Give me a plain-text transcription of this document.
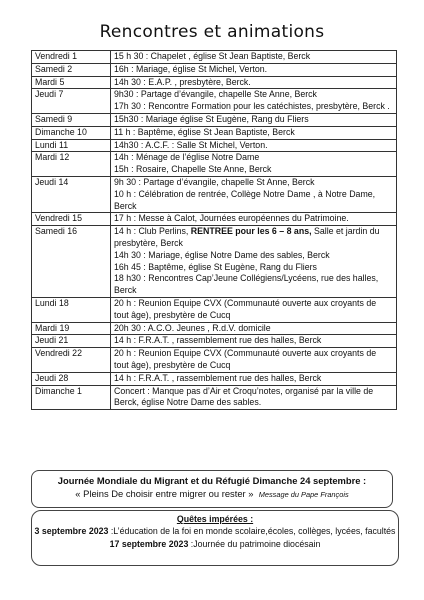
Rencontres et animations
Vendredi 1	15 h 30 : Chapelet , église St Jean Baptiste, Berck

Samedi 2	16h : Mariage, église St Michel, Verton.

Mardi 5	14h 30 : E.A.P. , presbytère, Berck.

Jeudi 7	9h30 : Partage d’évangile, chapelle Ste Anne, Berck
17h 30 : Rencontre Formation pour les catéchistes, presbytère, Berck .

Samedi 9	15h30 : Mariage église St Eugène, Rang du Fliers

Dimanche 10	11 h : Baptême, église St Jean Baptiste, Berck

Lundi 11	14h30 : A.C.F. : Salle St Michel, Verton.

Mardi 12	14h : Ménage de l’église Notre Dame
15h : Rosaire, Chapelle Ste Anne, Berck

Jeudi 14	9h 30 : Partage d’évangile, chapelle St Anne, Berck
10 h : Célébration de rentrée, Collège Notre Dame , à Notre Dame, Berck

Vendredi 15	17 h : Messe à Calot, Journées européennes du Patrimoine.

Samedi 16	14 h : Club Perlins, RENTREE pour les 6 – 8 ans, Salle et jardin du presbytère, Berck
14h 30 : Mariage, église Notre Dame des sables, Berck
16h 45 : Baptême, église St Eugène, Rang du Fliers
18 h30 : Rencontres Cap’Jeune Collégiens/Lycéens, rue des halles, Berck

Lundi 18	20 h : Reunion Equipe CVX (Communauté ouverte aux croyants de tout âge), presbytère de Cucq

Mardi 19	20h 30 : A.C.O. Jeunes , R.d.V. domicile

Jeudi 21	14 h : F.R.A.T. , rassemblement rue des halles, Berck

Vendredi 22	20 h : Reunion Equipe CVX (Communauté ouverte aux croyants de tout âge), presbytère de Cucq

Jeudi 28	14 h : F.R.A.T. , rassemblement rue des halles, Berck

Dimanche 1	Concert : Manque pas d’Air et Croqu’notes, organisé par la ville de Berck, église Notre Dame des sables.
Journée Mondiale du Migrant et du Réfugié Dimanche 24 septembre :
« Pleins De choisir entre migrer ou rester » Message du Pape François
Quêtes impérées :
3 septembre 2023 :L’éducation de la foi en monde scolaire,écoles, collèges, lycées, facultés
17 septembre 2023 :Journée du patrimoine diocésain
